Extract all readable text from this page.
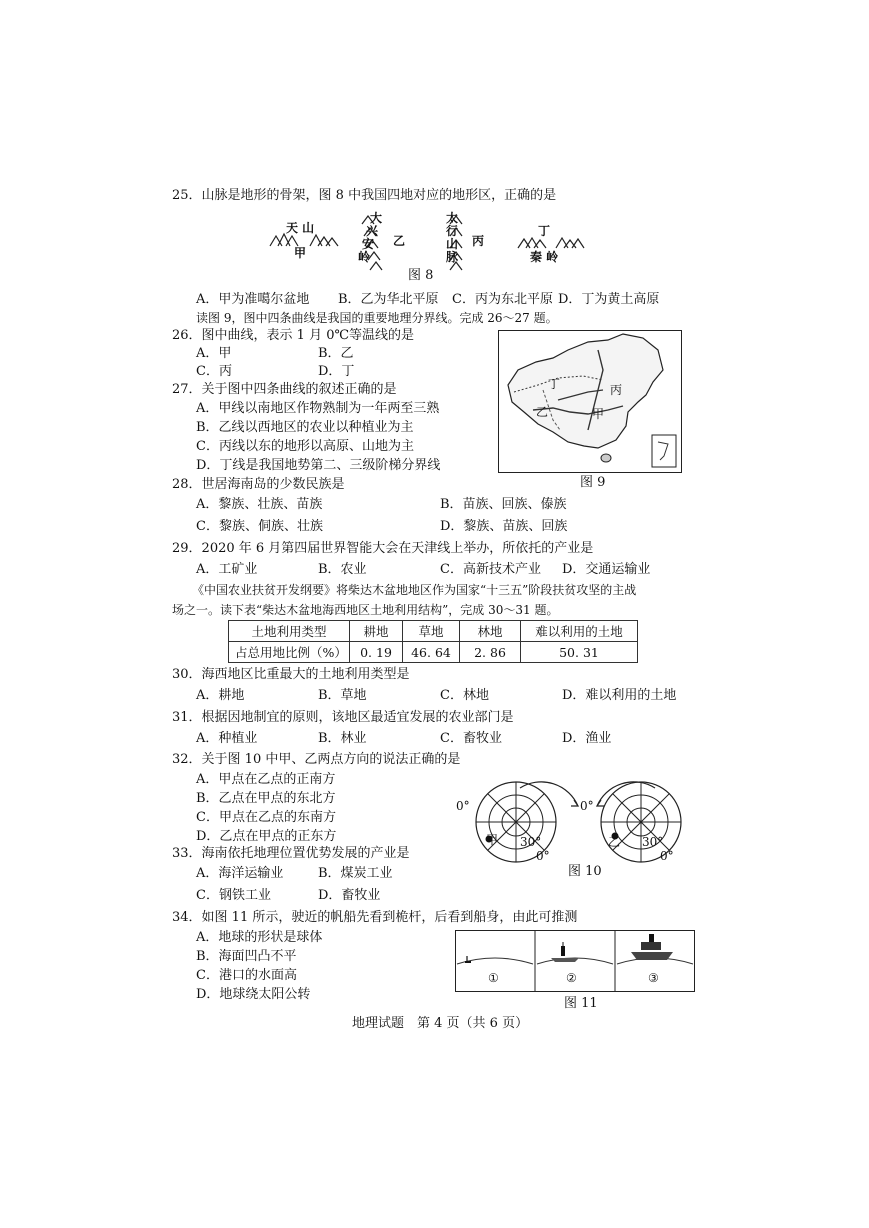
25．山脉是地形的骨架，图 8 中我国四地对应的地形区，正确的是
天 山
甲
大
兴
安
岭
乙
太
行
山
脉
丙
丁
秦 岭
图 8
A．甲为准噶尔盆地 B．乙为华北平原 C．丙为东北平原 D．丁为黄土高原
读图 9，图中四条曲线是我国的重要地理分界线。完成 26～27 题。
26．图中曲线，表示 1 月 0℃等温线的是
A．甲	B．乙
C．丙	D．丁
27．关于图中四条曲线的叙述正确的是
A．甲线以南地区作物熟制为一年两至三熟
B．乙线以西地区的农业以种植业为主
C．丙线以东的地形以高原、山地为主
D．丁线是我国地势第二、三级阶梯分界线
丁	丙
乙	甲
图 9
28．世居海南岛的少数民族是
A．黎族、壮族、苗族	B．苗族、回族、傣族
C．黎族、侗族、壮族	D．黎族、苗族、回族
29．2020 年 6 月第四届世界智能大会在天津线上举办，所依托的产业是
A．工矿业	B．农业	C．高新技术产业 D．交通运输业
《中国农业扶贫开发纲要》将柴达木盆地地区作为国家“十三五”阶段扶贫攻坚的主战
场之一。读下表“柴达木盆地海西地区土地利用结构”，完成 30～31 题。
土地利用类型	耕地	草地	林地	难以利用的土地
占总用地比例（%）	0. 19	46. 64	2. 86	50. 31
30．海西地区比重最大的土地利用类型是
A．耕地	B．草地	C．林地	D．难以利用的土地
31．根据因地制宜的原则，该地区最适宜发展的农业部门是
A．种植业	B．林业	C．畜牧业	D．渔业
32．关于图 10 中甲、乙两点方向的说法正确的是
A．甲点在乙点的正南方
B．乙点在甲点的东北方
C．甲点在乙点的东南方
D．乙点在甲点的正东方
0°
甲 30°
0°
0°
乙 30°
0°
图 10
33．海南依托地理位置优势发展的产业是
A．海洋运输业	B．煤炭工业
C．钢铁工业	D．畜牧业
34．如图 11 所示，驶近的帆船先看到桅杆，后看到船身，由此可推测
A．地球的形状是球体
B．海面凹凸不平
C．港口的水面高
D．地球绕太阳公转
①	②	③
图 11
地理试题　第 4 页（共 6 页）
